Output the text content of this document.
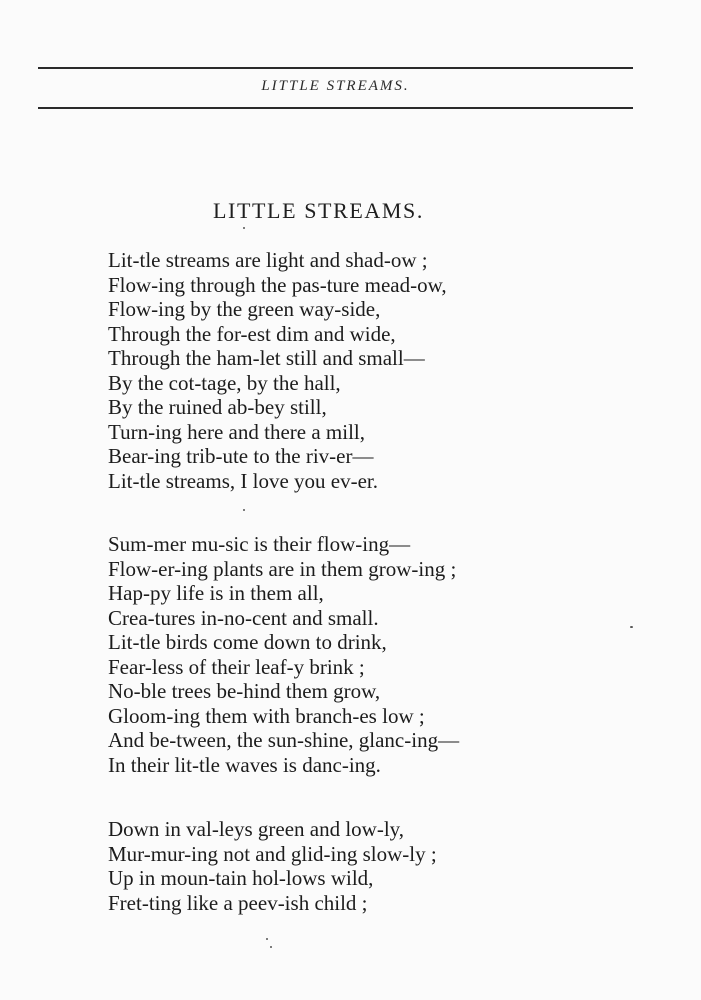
LITTLE STREAMS.
LITTLE STREAMS.
Lit-tle streams are light and shad-ow ;
Flow-ing through the pas-ture mead-ow,
Flow-ing by the green way-side,
Through the for-est dim and wide,
Through the ham-let still and small—
By the cot-tage, by the hall,
By the ruined ab-bey still,
Turn-ing here and there a mill,
Bear-ing trib-ute to the riv-er—
Lit-tle streams, I love you ev-er.
Sum-mer mu-sic is their flow-ing—
Flow-er-ing plants are in them grow-ing ;
Hap-py life is in them all,
Crea-tures in-no-cent and small.
Lit-tle birds come down to drink,
Fear-less of their leaf-y brink ;
No-ble trees be-hind them grow,
Gloom-ing them with branch-es low ;
And be-tween, the sun-shine, glanc-ing—
In their lit-tle waves is danc-ing.
Down in val-leys green and low-ly,
Mur-mur-ing not and glid-ing slow-ly ;
Up in moun-tain hol-lows wild,
Fret-ting like a peev-ish child ;
